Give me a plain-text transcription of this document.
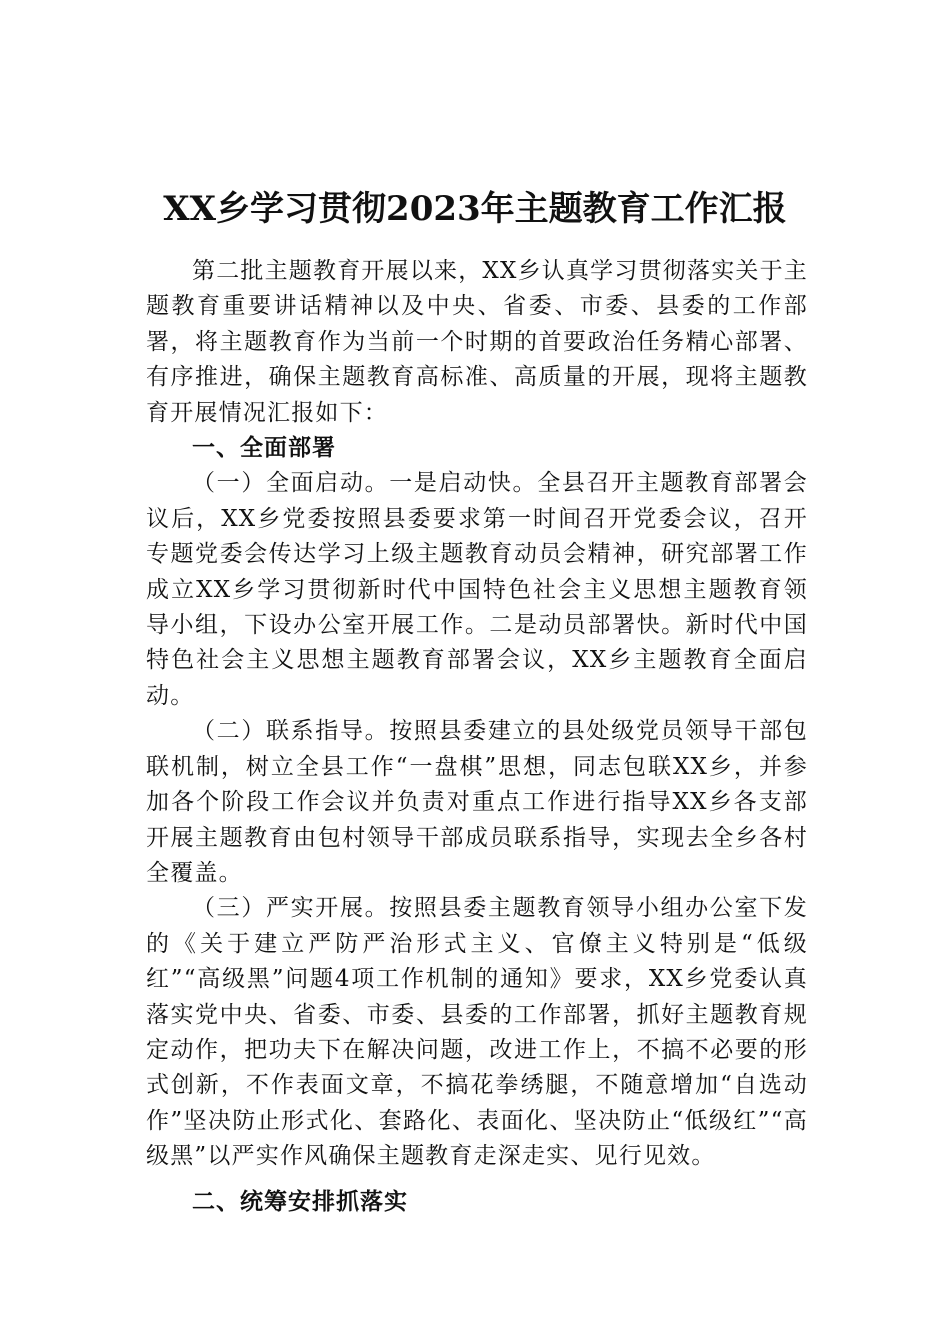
XX乡学习贯彻2023年主题教育工作汇报

第二批主题教育开展以来，XX乡认真学习贯彻落实关于主题教育重要讲话精神以及中央、省委、市委、县委的工作部署，将主题教育作为当前一个时期的首要政治任务精心部署、有序推进，确保主题教育高标准、高质量的开展，现将主题教育开展情况汇报如下：

一、全面部署

（一）全面启动。一是启动快。全县召开主题教育部署会议后，XX乡党委按照县委要求第一时间召开党委会议，召开专题党委会传达学习上级主题教育动员会精神，研究部署工作成立XX乡学习贯彻新时代中国特色社会主义思想主题教育领导小组，下设办公室开展工作。二是动员部署快。新时代中国特色社会主义思想主题教育部署会议，XX乡主题教育全面启动。

（二）联系指导。按照县委建立的县处级党员领导干部包联机制，树立全县工作“一盘棋”思想，同志包联XX乡，并参加各个阶段工作会议并负责对重点工作进行指导XX乡各支部开展主题教育由包村领导干部成员联系指导，实现去全乡各村全覆盖。

（三）严实开展。按照县委主题教育领导小组办公室下发的《关于建立严防严治形式主义、官僚主义特别是“低级红”“高级黑”问题4项工作机制的通知》要求，XX乡党委认真落实党中央、省委、市委、县委的工作部署，抓好主题教育规定动作，把功夫下在解决问题，改进工作上，不搞不必要的形式创新，不作表面文章，不搞花拳绣腿，不随意增加“自选动作”坚决防止形式化、套路化、表面化、坚决防止“低级红”“高级黑”以严实作风确保主题教育走深走实、见行见效。

二、统筹安排抓落实
